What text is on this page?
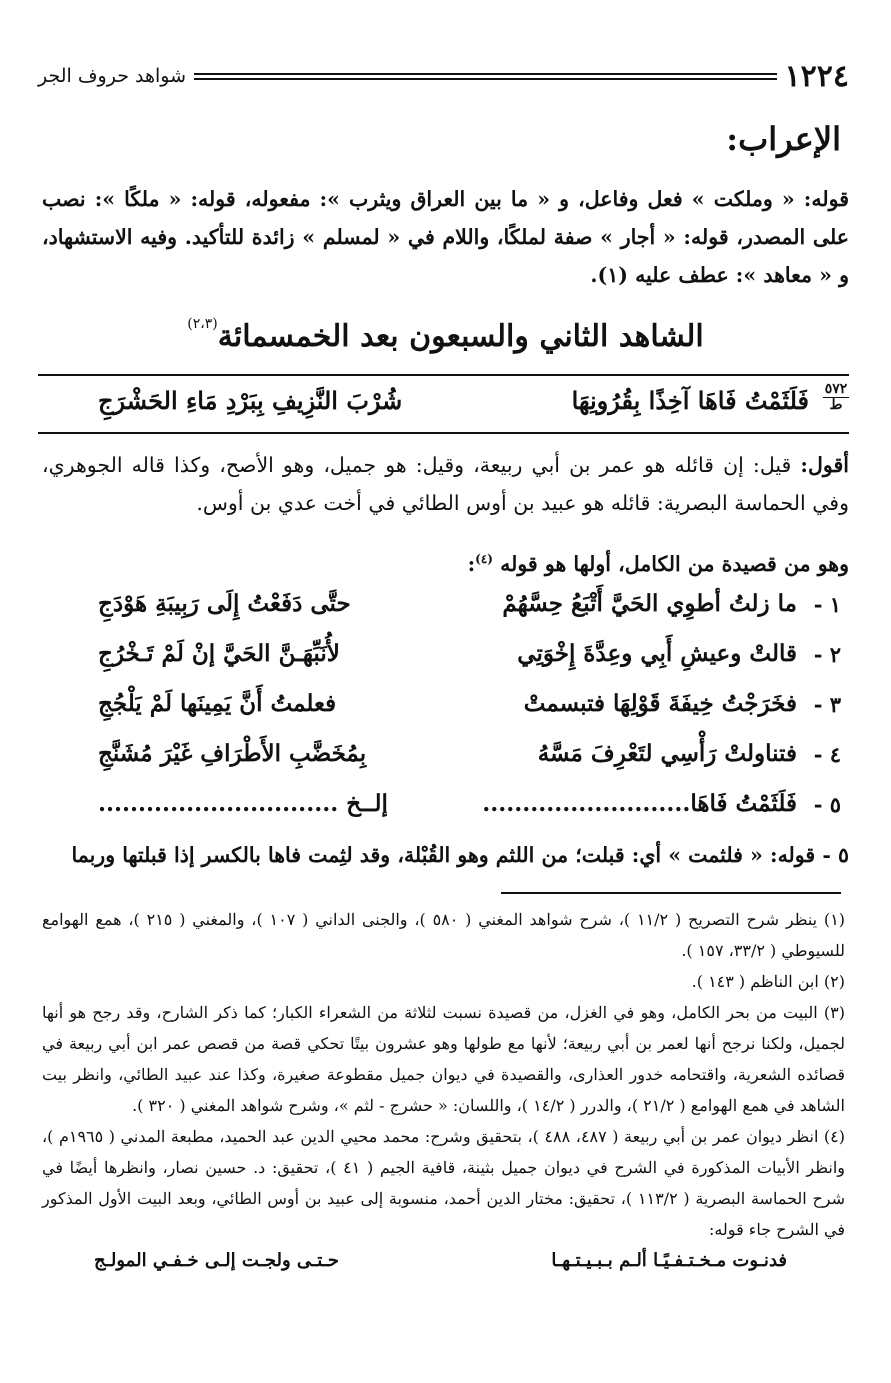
١٢٢٤
شواهد حروف الجر
الإعراب:
قوله: « وملكت » فعل وفاعل، و « ما بين العراق ويثرب »: مفعوله، قوله: « ملكًا »: نصب على المصدر، قوله: « أجار » صفة لملكًا، واللام في « لمسلم » زائدة للتأكيد. وفيه الاستشهاد، و « معاهد »: عطف عليه (١).
الشاهد الثاني والسبعون بعد الخمسمائة$^{(٢،٣)}$
٥٧٢
ط
فَلَثَمْتُ فَاهَا آخِذًا بِقُرُونِهَا
شُرْبَ النَّزِيفِ بِبَرْدِ مَاءِ الحَشْرَجِ
أقول: قيل: إن قائله هو عمر بن أبي ربيعة، وقيل: هو جميل، وهو الأصح، وكذا قاله الجوهري، وفي الحماسة البصرية: قائله هو عبيد بن أوس الطائي في أخت عدي بن أوس.
وهو من قصيدة من الكامل، أولها هو قوله $^{(٤)}$:
١ -
ما زلتُ أطوِي الحَيَّ أَتْبَعُ حِسَّهُمْ
حتَّى دَفَعْتُ إِلَى رَبِيبَةِ هَوْدَجِ
٢ -
قالتْ وعيشِ أَبِي وعِدَّةَ إِخْوَتِي
لأُنَبِّهَـنَّ الحَيَّ إنْ لَمْ تَـخْرُجِ
٣ -
فخَرَجْتُ خِيفَةَ قَوْلِهَا فتبسمتْ
فعلمتُ أَنَّ يَمِينَها لَمْ يَلْجُجِ
٤ -
فتناولتْ رَأْسِي لتَعْرِفَ مَسَّهُ
بِمُخَضَّبِ الأَطْرَافِ غَيْرَ مُشَنَّجِ
٥ -
فَلَثَمْتُ فَاهَا..........................
إلــخ ..............................
٥ - قوله: « فلثمت » أي: قبلت؛ من اللثم وهو القُبْلة، وقد لثِمت فاها بالكسر إذا قبلتها وربما

(١) ينظر شرح التصريح ( ١١/٢ )، شرح شواهد المغني ( ٥٨٠ )، والجنى الداني ( ١٠٧ )، والمغني ( ٢١٥ )، همع الهوامع للسيوطي ( ٣٣/٢، ١٥٧ ).

(٢) ابن الناظم ( ١٤٣ ).

(٣) البيت من بحر الكامل، وهو في الغزل، من قصيدة نسبت لثلاثة من الشعراء الكبار؛ كما ذكر الشارح، وقد رجح هو أنها لجميل، ولكنا نرجح أنها لعمر بن أبي ربيعة؛ لأنها مع طولها وهو عشرون بيتًا تحكي قصة من قصص عمر ابن أبي ربيعة في قصائده الشعرية، واقتحامه خدور العذارى، والقصيدة في ديوان جميل مقطوعة صغيرة، وكذا عند عبيد الطائي، وانظر بيت الشاهد في همع الهوامع ( ٢١/٢ )، والدرر ( ١٤/٢ )، واللسان: « حشرج - لثم »، وشرح شواهد المغني ( ٣٢٠ ).

(٤) انظر ديوان عمر بن أبي ربيعة ( ٤٨٧، ٤٨٨ )، بتحقيق وشرح: محمد محيي الدين عبد الحميد، مطبعة المدني ( ١٩٦٥م )، وانظر الأبيات المذكورة في الشرح في ديوان جميل بثينة، قافية الجيم ( ٤١ )، تحقيق: د. حسين نصار، وانظرها أيضًا في شرح الحماسة البصرية ( ١١٣/٢ )، تحقيق: مختار الدين أحمد، منسوبة إلى عبيد بن أوس الطائي، وبعد البيت الأول المذكور في الشرح جاء قوله:

فدنـوت مـخـتـفـيًـا ألـم بـبـيـتـهـا
حـتـى ولجـت إلـى خـفـي المولـج
